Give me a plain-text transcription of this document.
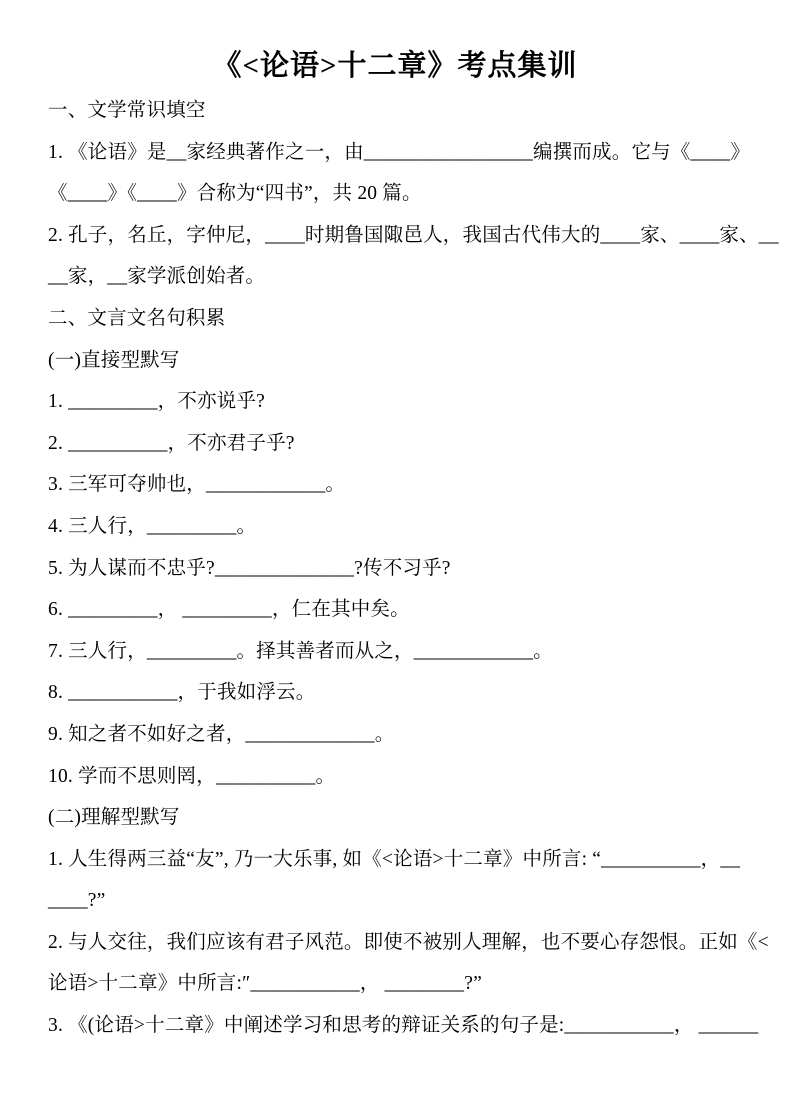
《<论语>十二章》考点集训

一、文学常识填空

1. 《论语》是__家经典著作之一，由_________________编撰而成。它与《____》

《____》《____》合称为“四书”，共 20 篇。

2. 孔子，名丘，字仲尼，____时期鲁国陬邑人，我国古代伟大的____家、____家、__

__家，__家学派创始者。

二、文言文名句积累

(一)直接型默写

1. _________，不亦说乎?

2. __________，不亦君子乎?

3. 三军可夺帅也，____________。

4. 三人行，_________。

5. 为人谋而不忠乎?______________?传不习乎?

6. _________， _________，仁在其中矣。

7. 三人行，_________。择其善者而从之，____________。

8. ___________，于我如浮云。

9. 知之者不如好之者，_____________。

10. 学而不思则罔，__________。

(二)理解型默写

1. 人生得两三益“友”, 乃一大乐事, 如《<论语>十二章》中所言: “__________，__

____?”

2. 与人交往，我们应该有君子风范。即使不被别人理解，也不要心存怨恨。正如《<

论语>十二章》中所言:″___________， ________?”

3. 《(论语>十二章》中阐述学习和思考的辩证关系的句子是:___________， ______
